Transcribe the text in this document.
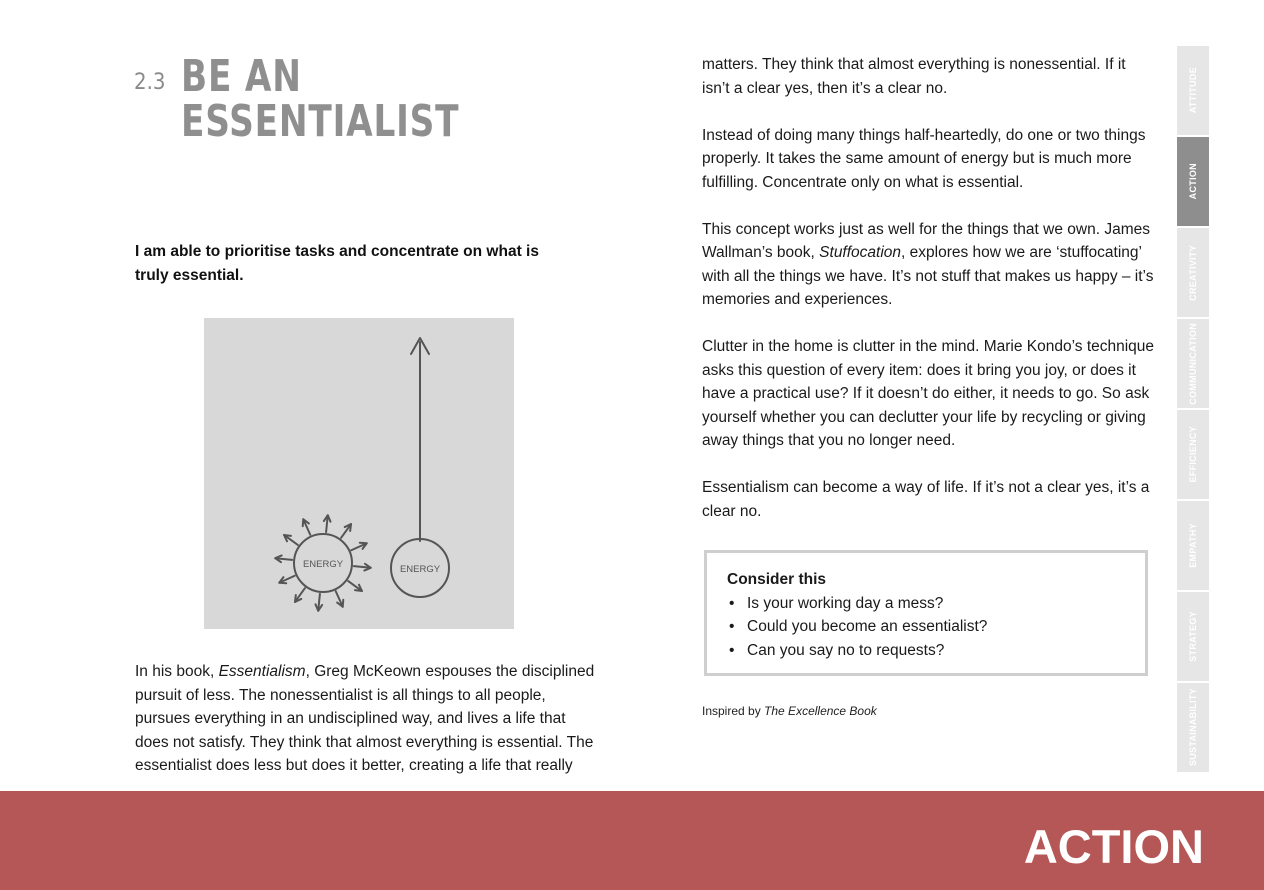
2.3 BE AN
ESSENTIALIST
I am able to prioritise tasks and concentrate on what is truly essential.
ENERGY	ENERGY

In his book, Essentialism, Greg McKeown espouses the disciplined pursuit of less. The nonessentialist is all things to all people, pursues everything in an undisciplined way, and lives a life that does not satisfy. They think that almost everything is essential. The essentialist does less but does it better, creating a life that really

matters. They think that almost everything is nonessential. If it isn’t a clear yes, then it’s a clear no.

Instead of doing many things half-heartedly, do one or two things properly. It takes the same amount of energy but is much more fulfilling. Concentrate only on what is essential.

This concept works just as well for the things that we own. James Wallman’s book, Stuffocation, explores how we are ‘stuffocating’ with all the things we have. It’s not stuff that makes us happy – it’s memories and experiences.

Clutter in the home is clutter in the mind. Marie Kondo’s technique asks this question of every item: does it bring you joy, or does it have a practical use? If it doesn’t do either, it needs to go. So ask yourself whether you can declutter your life by recycling or giving away things that you no longer need.

Essentialism can become a way of life. If it’s not a clear yes, it’s a clear no.

Consider this
• Is your working day a mess?
• Could you become an essentialist?
• Can you say no to requests?
Inspired by The Excellence Book
ATTITUDE
ACTION
CREATIVITY
COMMUNICATION
EFFICIENCY
EMPATHY
STRATEGY
SUSTAINABILITY
ACTION
